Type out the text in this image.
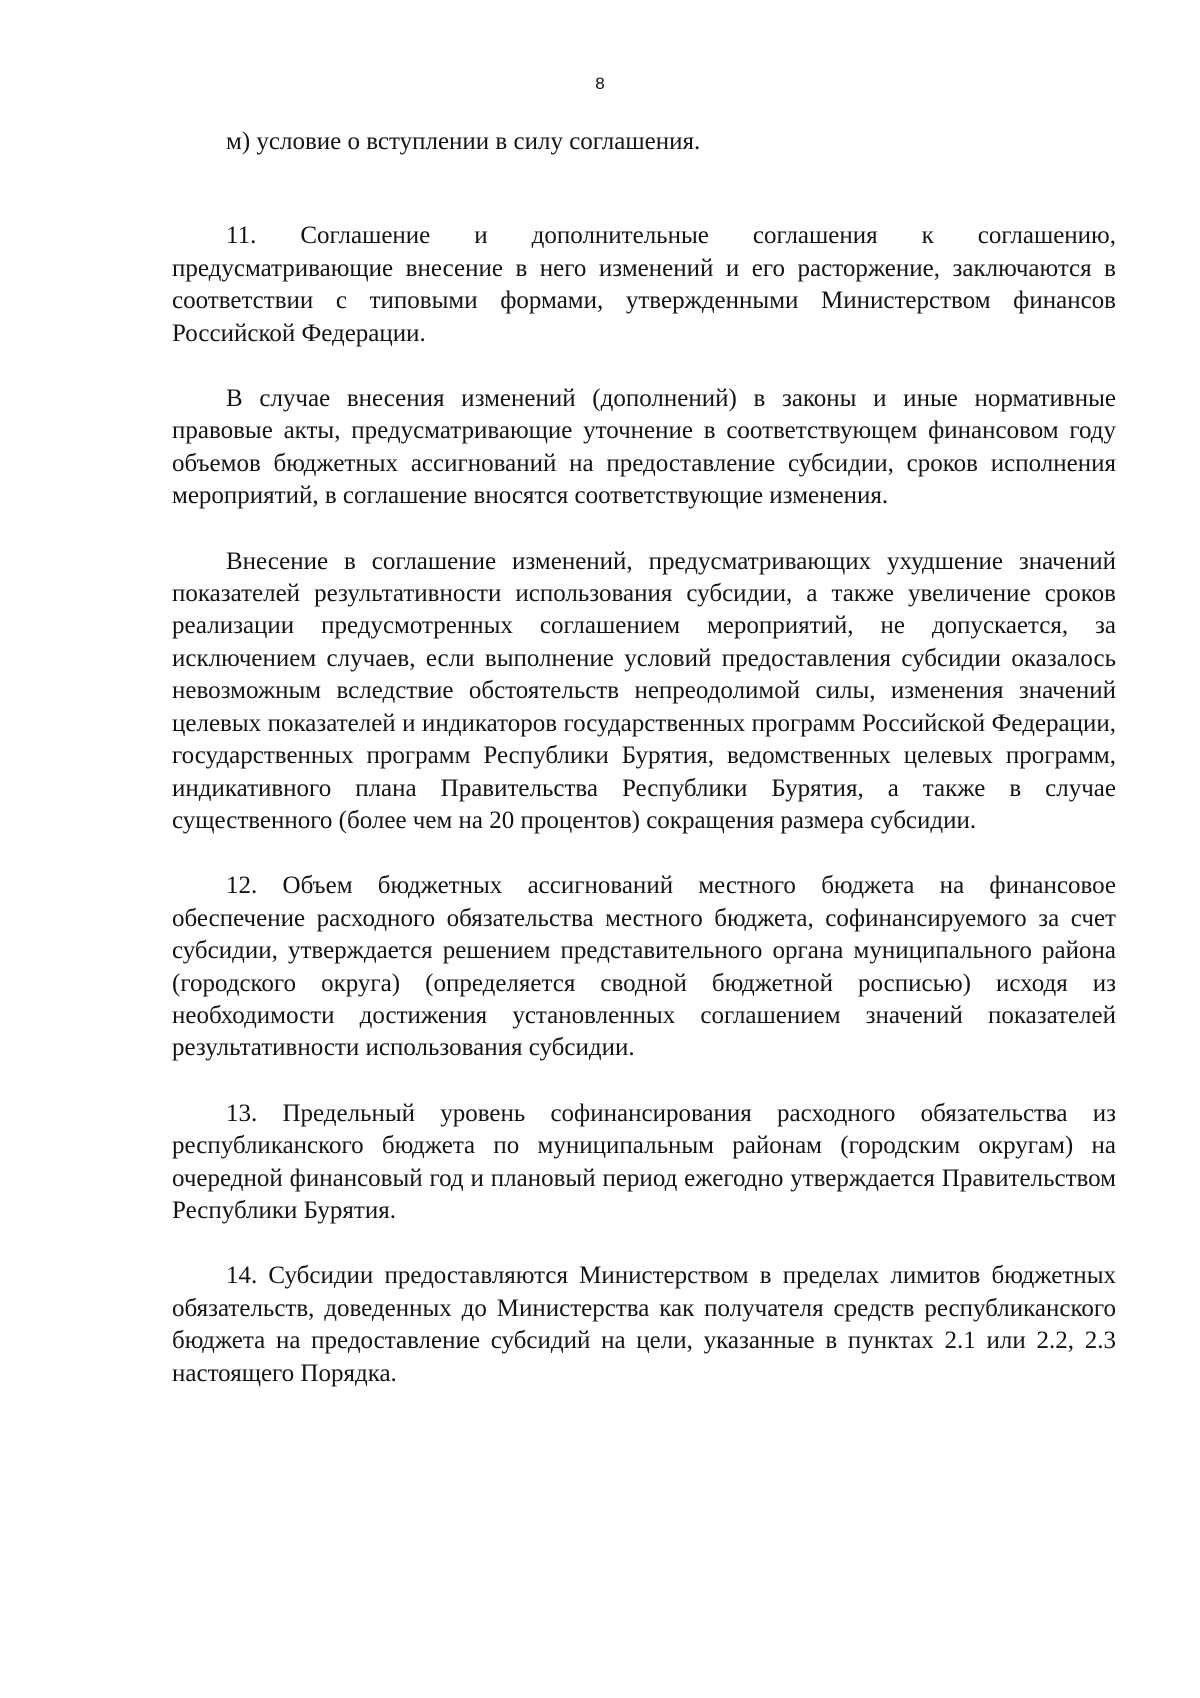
8

м) условие о вступлении в силу соглашения.

11. Соглашение и дополнительные соглашения к соглашению, предусматривающие внесение в него изменений и его расторжение, заключаются в соответствии с типовыми формами, утвержденными Министерством финансов Российской Федерации.

В случае внесения изменений (дополнений) в законы и иные нормативные правовые акты, предусматривающие уточнение в соответствующем финансовом году объемов бюджетных ассигнований на предоставление субсидии, сроков исполнения мероприятий, в соглашение вносятся соответствующие изменения.

Внесение в соглашение изменений, предусматривающих ухудшение значений показателей результативности использования субсидии, а также увеличение сроков реализации предусмотренных соглашением мероприятий, не допускается, за исключением случаев, если выполнение условий предоставления субсидии оказалось невозможным вследствие обстоятельств непреодолимой силы, изменения значений целевых показателей и индикаторов государственных программ Российской Федерации, государственных программ Республики Бурятия, ведомственных целевых программ, индикативного плана Правительства Республики Бурятия, а также в случае существенного (более чем на 20 процентов) сокращения размера субсидии.

12. Объем бюджетных ассигнований местного бюджета на финансовое обеспечение расходного обязательства местного бюджета, софинансируемого за счет субсидии, утверждается решением представительного органа муниципального района (городского округа) (определяется сводной бюджетной росписью) исходя из необходимости достижения установленных соглашением значений показателей результативности использования субсидии.

13. Предельный уровень софинансирования расходного обязательства из республиканского бюджета по муниципальным районам (городским округам) на очередной финансовый год и плановый период ежегодно утверждается Правительством Республики Бурятия.

14. Субсидии предоставляются Министерством в пределах лимитов бюджетных обязательств, доведенных до Министерства как получателя средств республиканского бюджета на предоставление субсидий на цели, указанные в пунктах 2.1 или 2.2, 2.3 настоящего Порядка.
